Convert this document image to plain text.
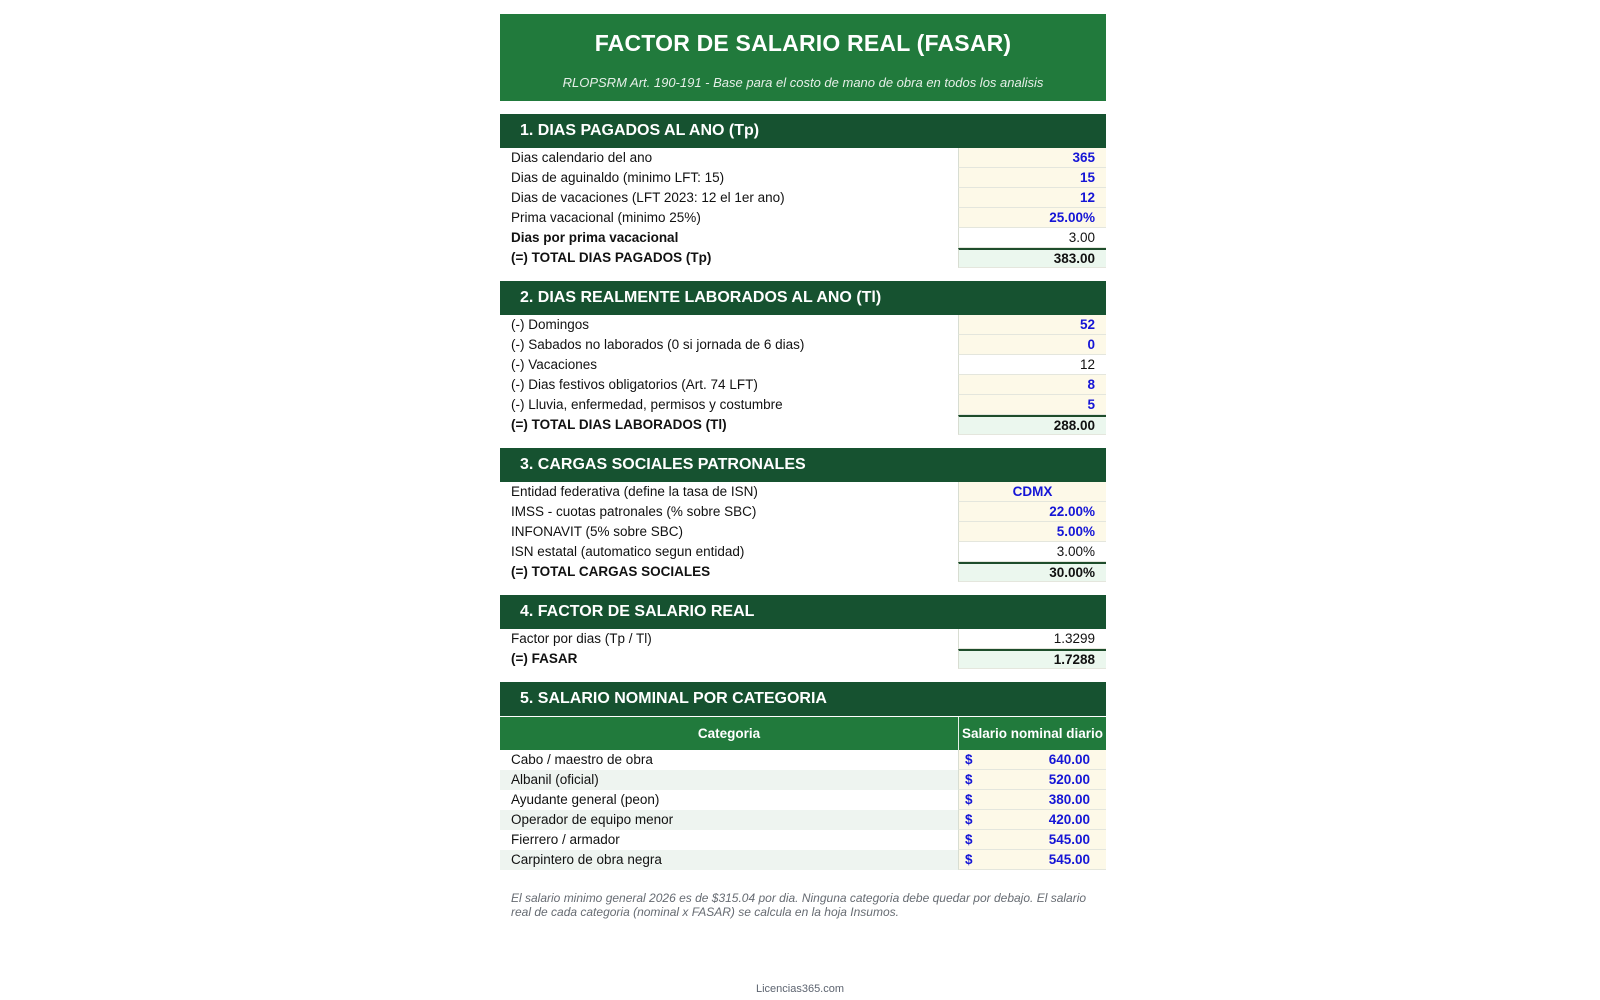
FACTOR DE SALARIO REAL (FASAR)
RLOPSRM Art. 190-191 - Base para el costo de mano de obra en todos los analisis
1. DIAS PAGADOS AL ANO (Tp)
Dias calendario del ano	365
Dias de aguinaldo (minimo LFT: 15)	15
Dias de vacaciones (LFT 2023: 12 el 1er ano)	12
Prima vacacional (minimo 25%)	25.00%
Dias por prima vacacional	3.00
(=) TOTAL DIAS PAGADOS (Tp)	383.00
2. DIAS REALMENTE LABORADOS AL ANO (Tl)
(-) Domingos	52
(-) Sabados no laborados (0 si jornada de 6 dias)	0
(-) Vacaciones	12
(-) Dias festivos obligatorios (Art. 74 LFT)	8
(-) Lluvia, enfermedad, permisos y costumbre	5
(=) TOTAL DIAS LABORADOS (Tl)	288.00
3. CARGAS SOCIALES PATRONALES
Entidad federativa (define la tasa de ISN)	CDMX
IMSS - cuotas patronales (% sobre SBC)	22.00%
INFONAVIT (5% sobre SBC)	5.00%
ISN estatal (automatico segun entidad)	3.00%
(=) TOTAL CARGAS SOCIALES	30.00%
4. FACTOR DE SALARIO REAL
Factor por dias (Tp / Tl)	1.3299
(=) FASAR	1.7288
5. SALARIO NOMINAL POR CATEGORIA
Categoria	Salario nominal diario
Cabo / maestro de obra	$	640.00
Albanil (oficial)	$	520.00
Ayudante general (peon)	$	380.00
Operador de equipo menor	$	420.00
Fierrero / armador	$	545.00
Carpintero de obra negra	$	545.00
El salario minimo general 2026 es de $315.04 por dia. Ninguna categoria debe quedar por debajo. El salario real de cada categoria (nominal x FASAR) se calcula en la hoja Insumos.
Licencias365.com
